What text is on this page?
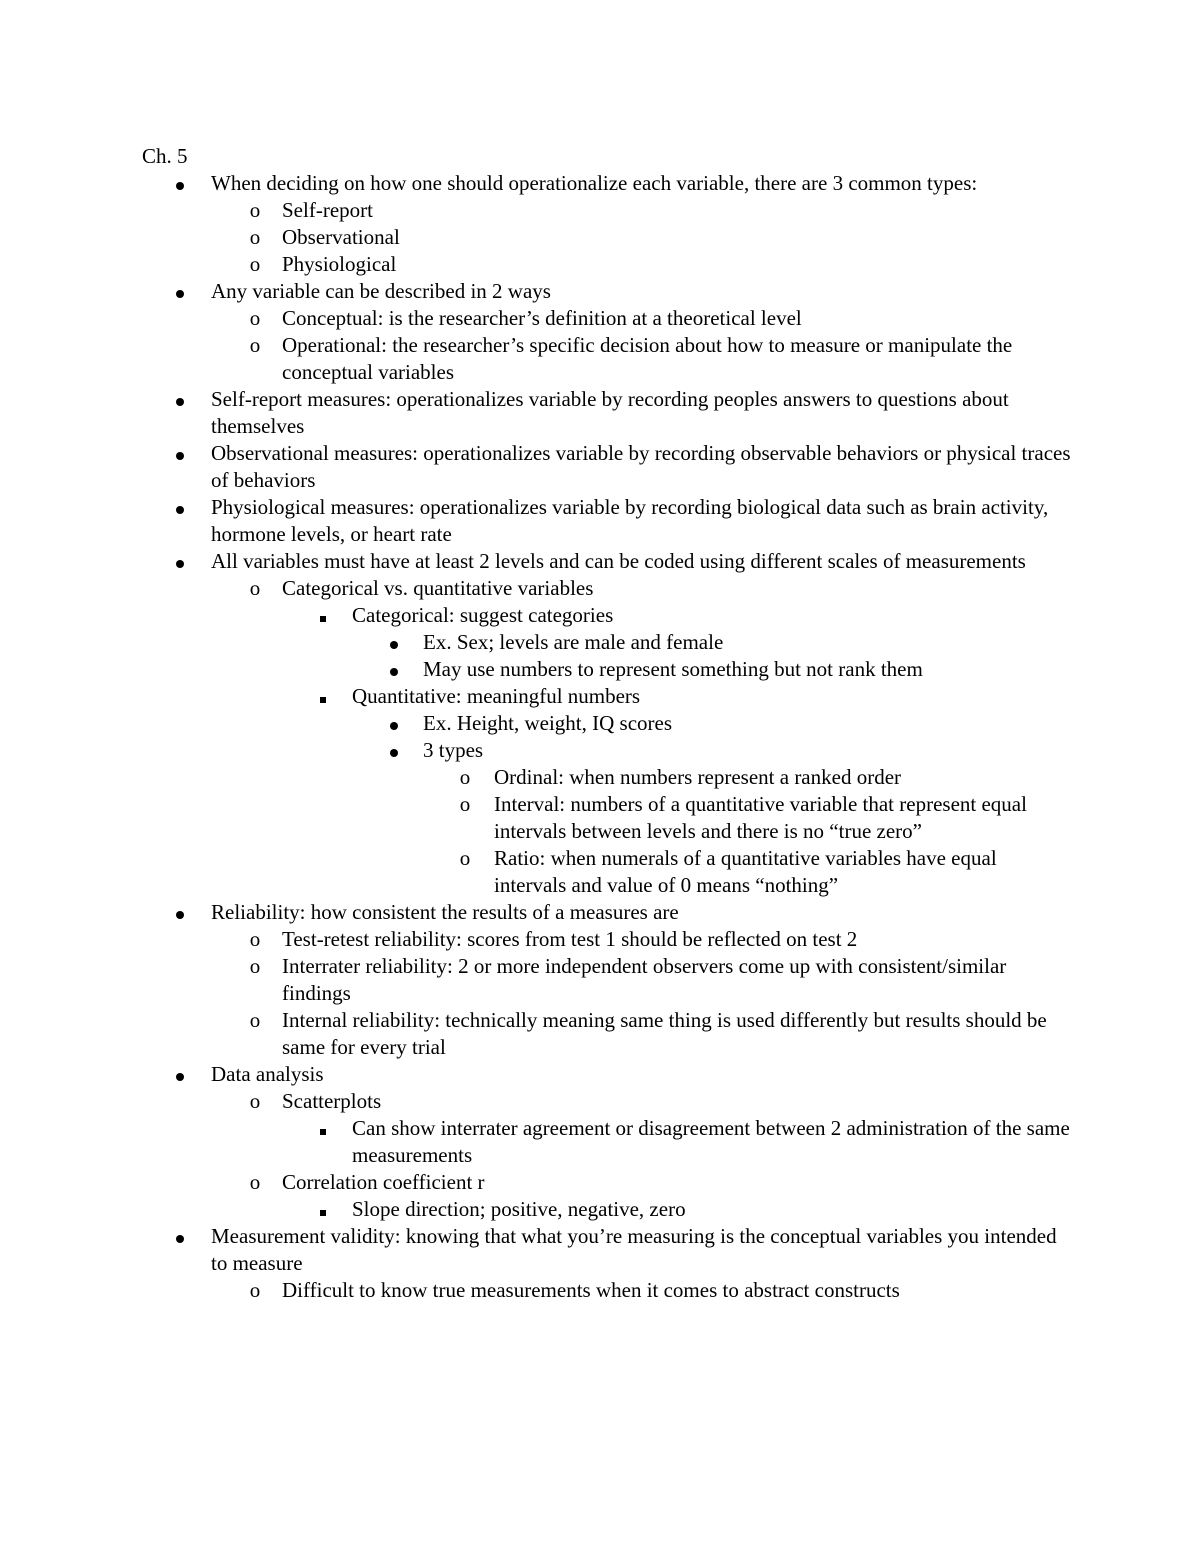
Ch. 5
When deciding on how one should operationalize each variable, there are 3 common types:
o Self-report
o Observational
o Physiological
Any variable can be described in 2 ways
o Conceptual: is the researcher’s definition at a theoretical level
o Operational: the researcher’s specific decision about how to measure or manipulate the conceptual variables
Self-report measures: operationalizes variable by recording peoples answers to questions about themselves
Observational measures: operationalizes variable by recording observable behaviors or physical traces of behaviors
Physiological measures: operationalizes variable by recording biological data such as brain activity, hormone levels, or heart rate
All variables must have at least 2 levels and can be coded using different scales of measurements
o Categorical vs. quantitative variables
Categorical: suggest categories
Ex. Sex; levels are male and female
May use numbers to represent something but not rank them
Quantitative: meaningful numbers
Ex. Height, weight, IQ scores
3 types
o Ordinal: when numbers represent a ranked order
o Interval: numbers of a quantitative variable that represent equal intervals between levels and there is no “true zero”
o Ratio: when numerals of a quantitative variables have equal intervals and value of 0 means “nothing”
Reliability: how consistent the results of a measures are
o Test-retest reliability: scores from test 1 should be reflected on test 2
o Interrater reliability: 2 or more independent observers come up with consistent/similar findings
o Internal reliability: technically meaning same thing is used differently but results should be same for every trial
Data analysis
o Scatterplots
Can show interrater agreement or disagreement between 2 administration of the same measurements
o Correlation coefficient r
Slope direction; positive, negative, zero
Measurement validity: knowing that what you’re measuring is the conceptual variables you intended to measure
o Difficult to know true measurements when it comes to abstract constructs
